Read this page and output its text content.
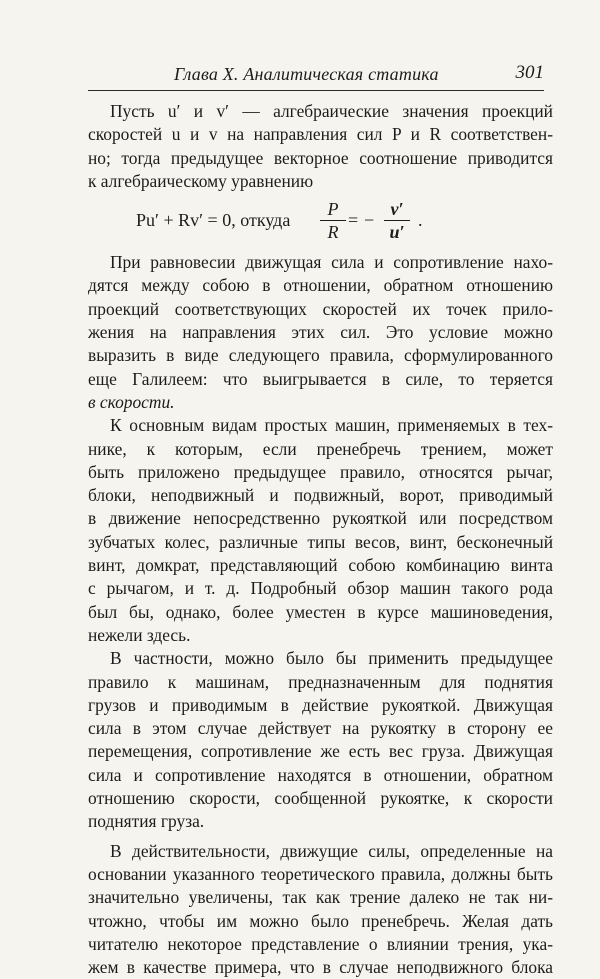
Глава X. Аналитическая статика	301
Пусть u′ и v′ — алгебраические значения проекций
скоростей u и v на направления сил P и R соответствен-
но; тогда предыдущее векторное соотношение приводится
к алгебраическому уравнению
Pu′ + Rv′ = 0, откуда
P
R
= −
v′
u′
.
При равновесии движущая сила и сопротивление нахо-
дятся между собою в отношении, обратном отношению
проекций соответствующих скоростей их точек прило-
жения на направления этих сил. Это условие можно
выразить в виде следующего правила, сформулированного
еще Галилеем: что выигрывается в силе, то теряется
в скорости.
К основным видам простых машин, применяемых в тех-
нике, к которым, если пренебречь трением, может
быть приложено предыдущее правило, относятся рычаг,
блоки, неподвижный и подвижный, ворот, приводимый
в движение непосредственно рукояткой или посредством
зубчатых колес, различные типы весов, винт, бесконечный
винт, домкрат, представляющий собою комбинацию винта
с рычагом, и т. д. Подробный обзор машин такого рода
был бы, однако, более уместен в курсе машиноведения,
нежели здесь.
В частности, можно было бы применить предыдущее
правило к машинам, предназначенным для поднятия
грузов и приводимым в действие рукояткой. Движущая
сила в этом случае действует на рукоятку в сторону ее
перемещения, сопротивление же есть вес груза. Движущая
сила и сопротивление находятся в отношении, обратном
отношению скорости, сообщенной рукоятке, к скорости
поднятия груза.
В действительности, движущие силы, определенные на
основании указанного теоретического правила, должны быть
значительно увеличены, так как трение далеко не так ни-
чтожно, чтобы им можно было пренебречь. Желая дать
читателю некоторое представление о влиянии трения, ука-
жем в качестве примера, что в случае неподвижного блока
